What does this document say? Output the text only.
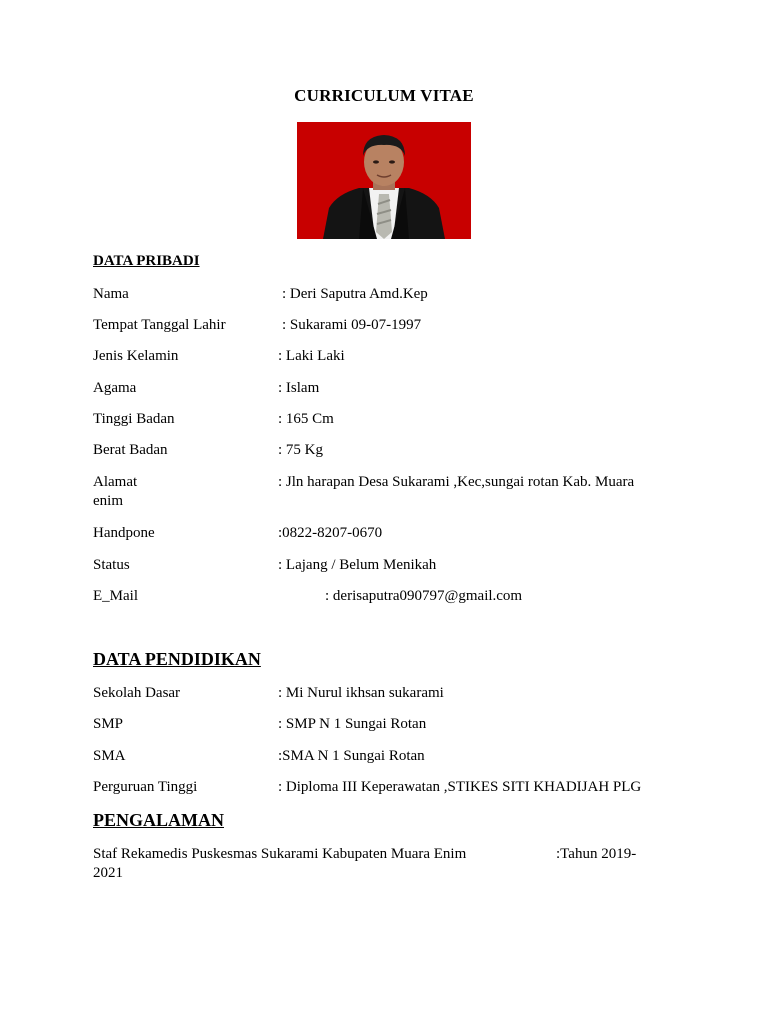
CURRICULUM VITAE
DATA PRIBADI
Nama	: Deri Saputra Amd.Kep
Tempat Tanggal Lahir	: Sukarami 09-07-1997
Jenis Kelamin	: Laki Laki
Agama	: Islam
Tinggi Badan	: 165 Cm
Berat Badan	: 75 Kg
Alamat	: Jln harapan Desa Sukarami ,Kec,sungai rotan Kab. Muara
enim
Handpone	:0822-8207-0670
Status	: Lajang / Belum Menikah
E_Mail	: derisaputra090797@gmail.com
DATA PENDIDIKAN
Sekolah Dasar	: Mi Nurul ikhsan sukarami
SMP	: SMP N 1 Sungai Rotan
SMA	:SMA N 1 Sungai Rotan
Perguruan Tinggi	: Diploma III Keperawatan ,STIKES SITI KHADIJAH PLG
PENGALAMAN
Staf Rekamedis Puskesmas Sukarami Kabupaten Muara Enim	:Tahun 2019-
2021
